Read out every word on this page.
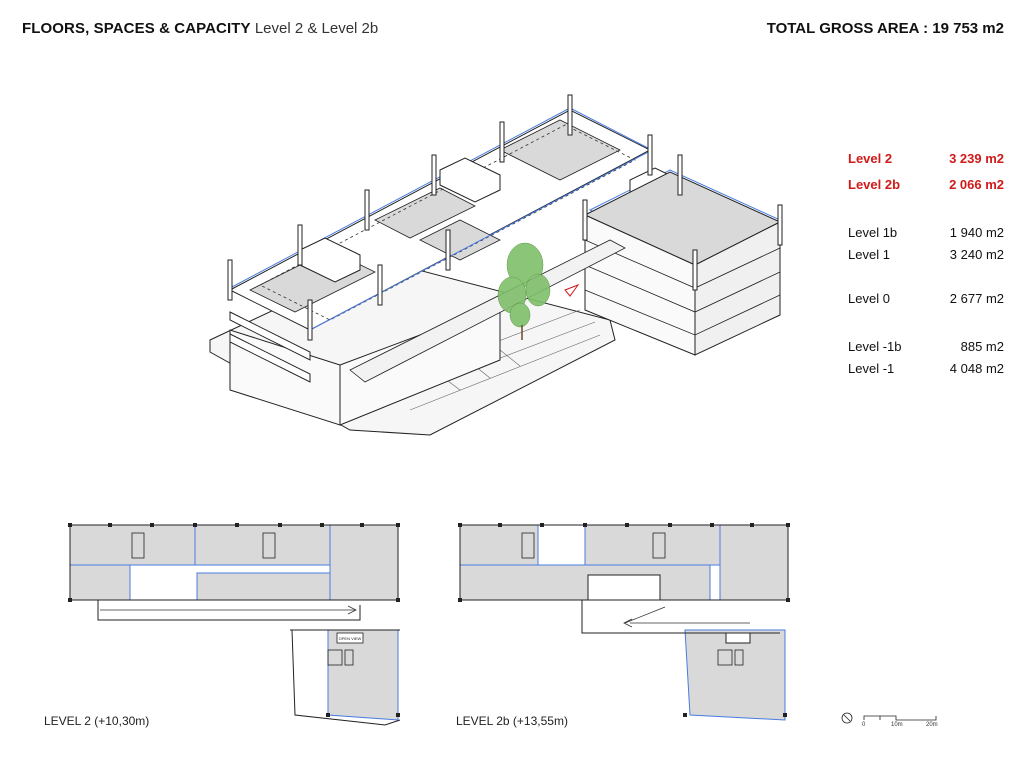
FLOORS, SPACES & CAPACITY Level 2 & Level 2b	TOTAL GROSS AREA : 19 753 m2
Level 2	3 239 m2
Level 2b	2 066 m2
Level 1b	1 940 m2
Level 1	3 240 m2
Level 0	2 677 m2
Level -1b	885 m2
Level -1	4 048 m2
OPEN VIEW
LEVEL 2 (+10,30m)	LEVEL 2b (+13,55m)	0	10m	20m
